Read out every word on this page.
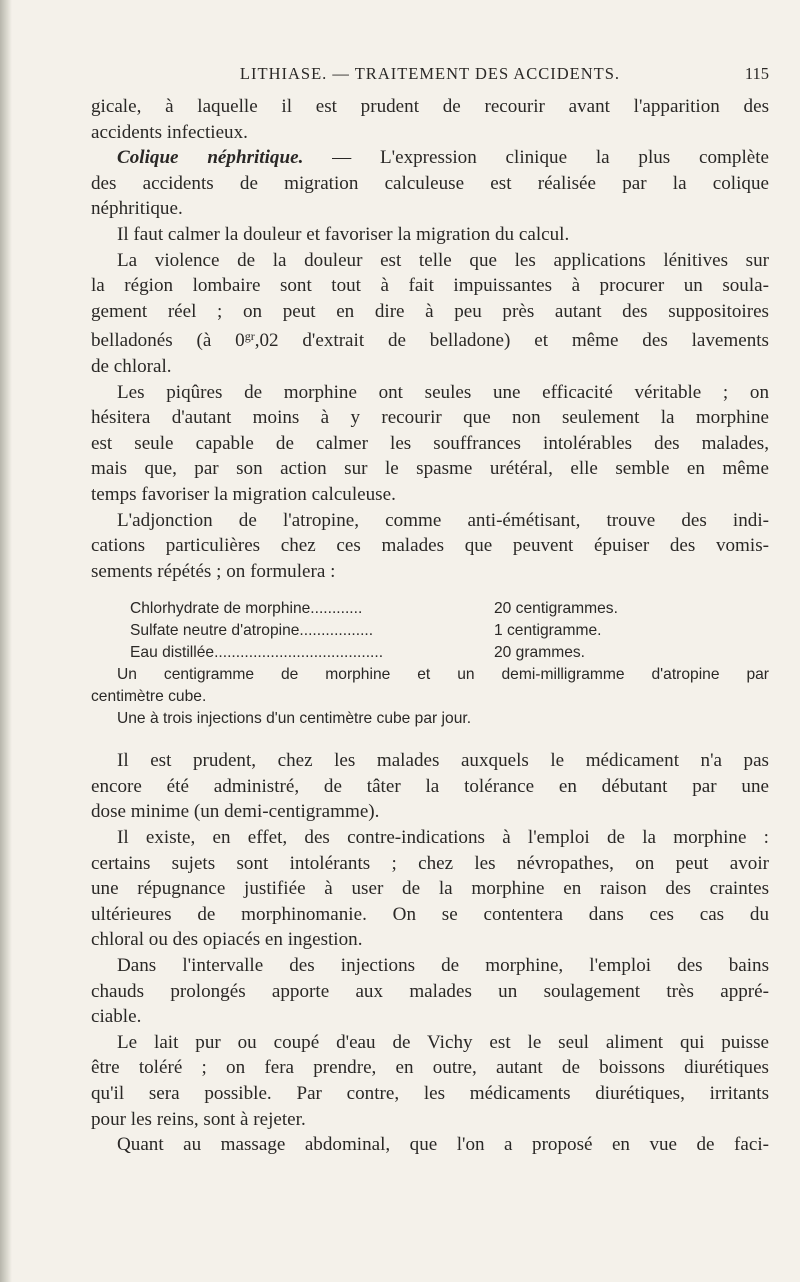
LITHIASE. — TRAITEMENT DES ACCIDENTS.	115
gicale, à laquelle il est prudent de recourir avant l'apparition des
accidents infectieux.
Colique néphritique. — L'expression clinique la plus complète
des accidents de migration calculeuse est réalisée par la colique
néphritique.
Il faut calmer la douleur et favoriser la migration du calcul.
La violence de la douleur est telle que les applications lénitives sur
la région lombaire sont tout à fait impuissantes à procurer un soula-
gement réel ; on peut en dire à peu près autant des suppositoires
belladonés (à $0^{gr},02$ d'extrait de belladone) et même des lavements
de chloral.
Les piqûres de morphine ont seules une efficacité véritable ; on
hésitera d'autant moins à y recourir que non seulement la morphine
est seule capable de calmer les souffrances intolérables des malades,
mais que, par son action sur le spasme urétéral, elle semble en même
temps favoriser la migration calculeuse.
L'adjonction de l'atropine, comme anti-émétisant, trouve des indi-
cations particulières chez ces malades que peuvent épuiser des vomis-
sements répétés ; on formulera :
Chlorhydrate de morphine............	20 centigrammes.
Sulfate neutre d'atropine.................	1 centigramme.
Eau distillée.......................................	20 grammes.
Un centigramme de morphine et un demi-milligramme d'atropine par
centimètre cube.
Une à trois injections d'un centimètre cube par jour.
Il est prudent, chez les malades auxquels le médicament n'a pas
encore été administré, de tâter la tolérance en débutant par une
dose minime (un demi-centigramme).
Il existe, en effet, des contre-indications à l'emploi de la morphine :
certains sujets sont intolérants ; chez les névropathes, on peut avoir
une répugnance justifiée à user de la morphine en raison des craintes
ultérieures de morphinomanie. On se contentera dans ces cas du
chloral ou des opiacés en ingestion.
Dans l'intervalle des injections de morphine, l'emploi des bains
chauds prolongés apporte aux malades un soulagement très appré-
ciable.
Le lait pur ou coupé d'eau de Vichy est le seul aliment qui puisse
être toléré ; on fera prendre, en outre, autant de boissons diurétiques
qu'il sera possible. Par contre, les médicaments diurétiques, irritants
pour les reins, sont à rejeter.
Quant au massage abdominal, que l'on a proposé en vue de faci-
